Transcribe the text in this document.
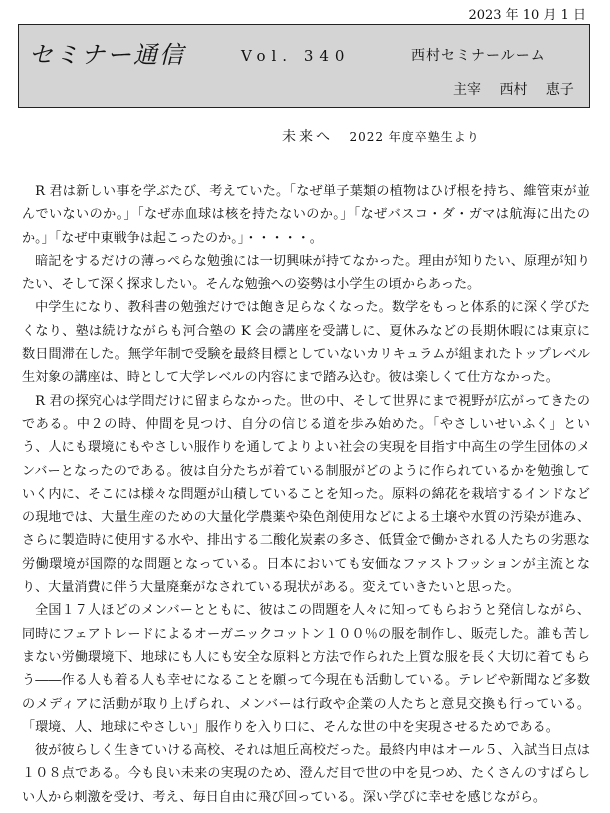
2023 年 10 月 1 日
セミナー通信	Vol. 340	西村セミナールーム
主宰 西村 恵子
未来へ 2022 年度卒塾生より

R 君は新しい事を学ぶたび、考えていた。「なぜ単子葉類の植物はひげ根を持ち、維管束が並んでいないのか。」「なぜ赤血球は核を持たないのか。」「なぜバスコ・ダ・ガマは航海に出たのか。」「なぜ中東戦争は起こったのか。」・・・・・。

暗記をするだけの薄っぺらな勉強には一切興味が持てなかった。理由が知りたい、原理が知りたい、そして深く探求したい。そんな勉強への姿勢は小学生の頃からあった。

中学生になり、教科書の勉強だけでは飽き足らなくなった。数学をもっと体系的に深く学びたくなり、塾は続けながらも河合塾の K 会の講座を受講しに、夏休みなどの長期休暇には東京に数日間滞在した。無学年制で受験を最終目標としていないカリキュラムが組まれたトップレベル生対象の講座は、時として大学レベルの内容にまで踏み込む。彼は楽しくて仕方なかった。

R 君の探究心は学問だけに留まらなかった。世の中、そして世界にまで視野が広がってきたのである。中２の時、仲間を見つけ、自分の信じる道を歩み始めた。「やさしいせいふく」という、人にも環境にもやさしい服作りを通してよりよい社会の実現を目指す中高生の学生団体のメンバーとなったのである。彼は自分たちが着ている制服がどのように作られているかを勉強していく内に、そこには様々な問題が山積していることを知った。原料の綿花を栽培するインドなどの現地では、大量生産のための大量化学農薬や染色剤使用などによる土壌や水質の汚染が進み、さらに製造時に使用する水や、排出する二酸化炭素の多さ、低賃金で働かされる人たちの劣悪な労働環境が国際的な問題となっている。日本においても安価なファストフッションが主流となり、大量消費に伴う大量廃棄がなされている現状がある。変えていきたいと思った。

全国１７人ほどのメンバーとともに、彼はこの問題を人々に知ってもらおうと発信しながら、同時にフェアトレードによるオーガニックコットン１００％の服を制作し、販売した。誰も苦しまない労働環境下、地球にも人にも安全な原料と方法で作られた上質な服を長く大切に着てもらう――作る人も着る人も幸せになることを願って今現在も活動している。テレビや新聞など多数のメディアに活動が取り上げられ、メンバーは行政や企業の人たちと意見交換も行っている。「環境、人、地球にやさしい」服作りを入り口に、そんな世の中を実現させるためである。

彼が彼らしく生きていける高校、それは旭丘高校だった。最終内申はオール５、入試当日点は１０８点である。今も良い未来の実現のため、澄んだ目で世の中を見つめ、たくさんのすばらしい人から刺激を受け、考え、毎日自由に飛び回っている。深い学びに幸せを感じながら。
